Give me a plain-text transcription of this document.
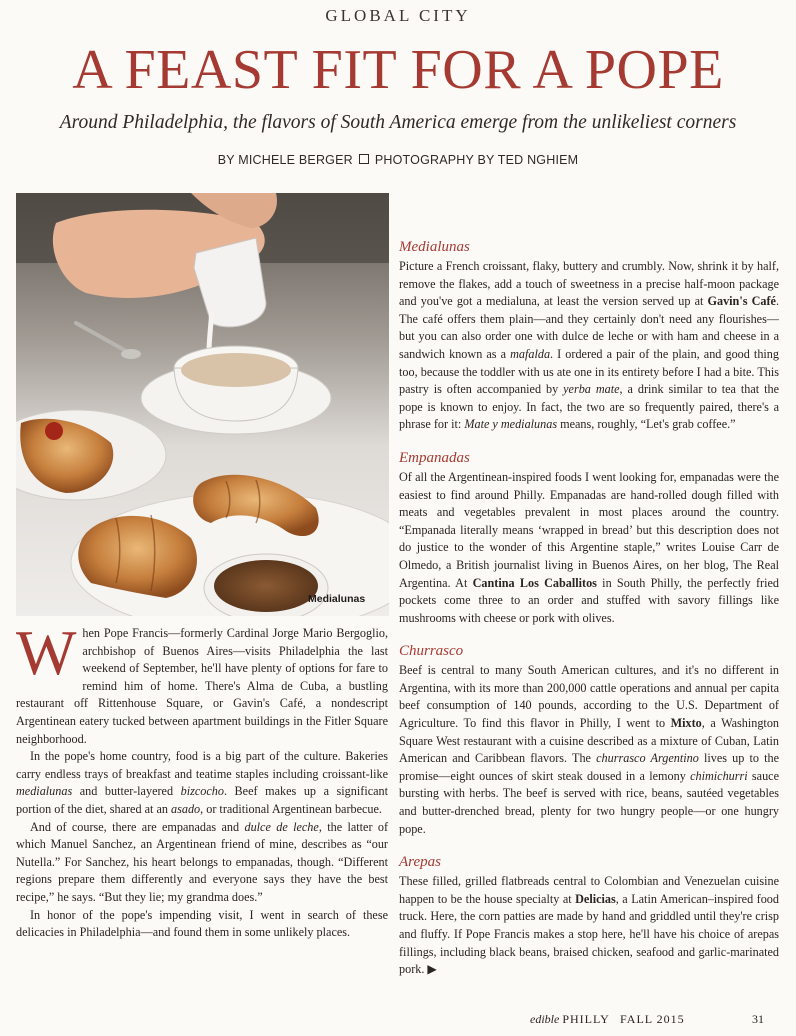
GLOBAL CITY
A FEAST FIT FOR A POPE
Around Philadelphia, the flavors of South America emerge from the unlikeliest corners
BY MICHELE BERGER PHOTOGRAPHY BY TED NGHIEM
Medialunas

When Pope Francis—formerly Cardinal Jorge Mario Bergoglio, archbishop of Buenos Aires—visits Philadelphia the last weekend of September, he'll have plenty of options for fare to remind him of home. There's Alma de Cuba, a bustling restaurant off Rittenhouse Square, or Gavin's Café, a nondescript Argentinean eatery tucked between apartment buildings in the Fitler Square neighborhood.

In the pope's home country, food is a big part of the culture. Bakeries carry endless trays of breakfast and teatime staples including croissant-like medialunas and butter-layered bizcocho. Beef makes up a significant portion of the diet, shared at an asado, or traditional Argentinean barbecue.

And of course, there are empanadas and dulce de leche, the latter of which Manuel Sanchez, an Argentinean friend of mine, describes as “our Nutella.” For Sanchez, his heart belongs to empanadas, though. “Different regions prepare them differently and everyone says they have the best recipe,” he says. “But they lie; my grandma does.”

In honor of the pope's impending visit, I went in search of these delicacies in Philadelphia—and found them in some unlikely places.

Medialunas

Picture a French croissant, flaky, buttery and crumbly. Now, shrink it by half, remove the flakes, add a touch of sweetness in a precise half-moon package and you've got a medialuna, at least the version served up at Gavin's Café. The café offers them plain—and they certainly don't need any flourishes—but you can also order one with dulce de leche or with ham and cheese in a sandwich known as a mafalda. I ordered a pair of the plain, and good thing too, because the toddler with us ate one in its entirety before I had a bite. This pastry is often accompanied by yerba mate, a drink similar to tea that the pope is known to enjoy. In fact, the two are so frequently paired, there's a phrase for it: Mate y medialunas means, roughly, “Let's grab coffee.”

Empanadas

Of all the Argentinean-inspired foods I went looking for, empanadas were the easiest to find around Philly. Empanadas are hand-rolled dough filled with meats and vegetables prevalent in most places around the country. “Empanada literally means ‘wrapped in bread’ but this description does not do justice to the wonder of this Argentine staple,” writes Louise Carr de Olmedo, a British journalist living in Buenos Aires, on her blog, The Real Argentina. At Cantina Los Caballitos in South Philly, the perfectly fried pockets come three to an order and stuffed with savory fillings like mushrooms with cheese or pork with olives.

Churrasco

Beef is central to many South American cultures, and it's no different in Argentina, with its more than 200,000 cattle operations and annual per capita beef consumption of 140 pounds, according to the U.S. Department of Agriculture. To find this flavor in Philly, I went to Mixto, a Washington Square West restaurant with a cuisine described as a mixture of Cuban, Latin American and Caribbean flavors. The churrasco Argentino lives up to the promise—eight ounces of skirt steak doused in a lemony chimichurri sauce bursting with herbs. The beef is served with rice, beans, sautéed vegetables and butter-drenched bread, plenty for two hungry people—or one hungry pope.

Arepas

These filled, grilled flatbreads central to Colombian and Venezuelan cuisine happen to be the house specialty at Delicias, a Latin American–inspired food truck. Here, the corn patties are made by hand and griddled until they're crisp and fluffy. If Pope Francis makes a stop here, he'll have his choice of arepas fillings, including black beans, braised chicken, seafood and garlic-marinated pork. ▶

edible PHILLY FALL 2015	31
